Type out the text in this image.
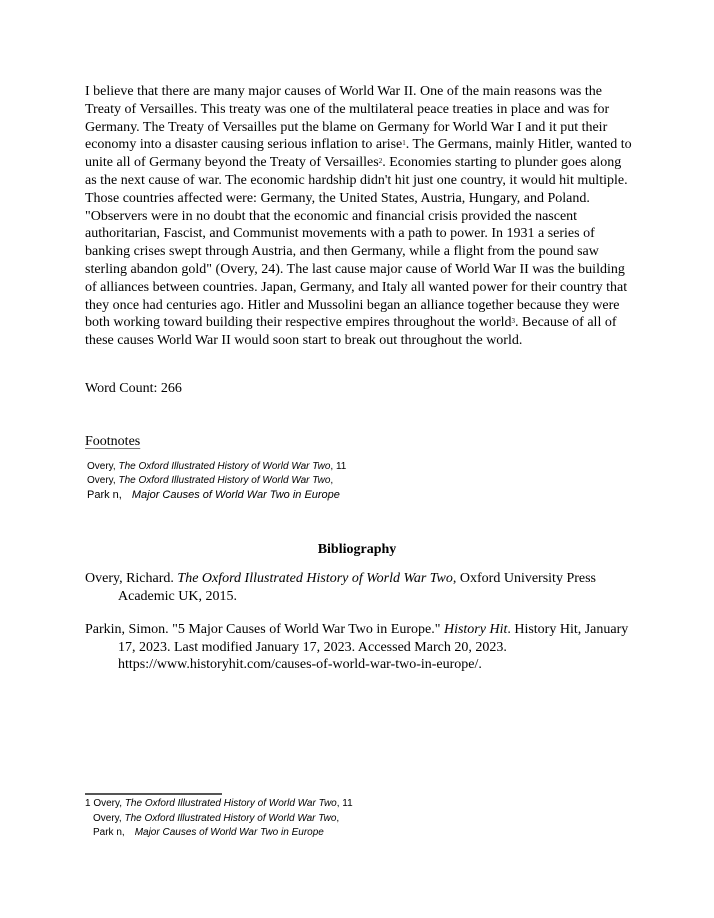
I believe that there are many major causes of World War II. One of the main reasons was the Treaty of Versailles. This treaty was one of the multilateral peace treaties in place and was for Germany. The Treaty of Versailles put the blame on Germany for World War I and it put their economy into a disaster causing serious inflation to arise$^1$. The Germans, mainly Hitler, wanted to unite all of Germany beyond the Treaty of Versailles$^2$. Economies starting to plunder goes along as the next cause of war. The economic hardship didn't hit just one country, it would hit multiple. Those countries affected were: Germany, the United States, Austria, Hungary, and Poland. "Observers were in no doubt that the economic and financial crisis provided the nascent authoritarian, Fascist, and Communist movements with a path to power. In 1931 a series of banking crises swept through Austria, and then Germany, while a flight from the pound saw sterling abandon gold" (Overy, 24). The last cause major cause of World War II was the building of alliances between countries. Japan, Germany, and Italy all wanted power for their country that they once had centuries ago. Hitler and Mussolini began an alliance together because they were both working toward building their respective empires throughout the world$^3$. Because of all of these causes World War II would soon start to break out throughout the world.

Word Count: 266
Footnotes
Overy, The Oxford Illustrated History of World War Two, 11
Overy, The Oxford Illustrated History of World War Two,
Park n, Major Causes of World War Two in Europe
Bibliography
Overy, Richard. The Oxford Illustrated History of World War Two, Oxford University Press Academic UK, 2015.
Parkin, Simon. "5 Major Causes of World War Two in Europe." History Hit. History Hit, January 17, 2023. Last modified January 17, 2023. Accessed March 20, 2023. https://www.historyhit.com/causes-of-world-war-two-in-europe/.
1 Overy, The Oxford Illustrated History of World War Two, 11
Overy, The Oxford Illustrated History of World War Two,
Park n, Major Causes of World War Two in Europe
